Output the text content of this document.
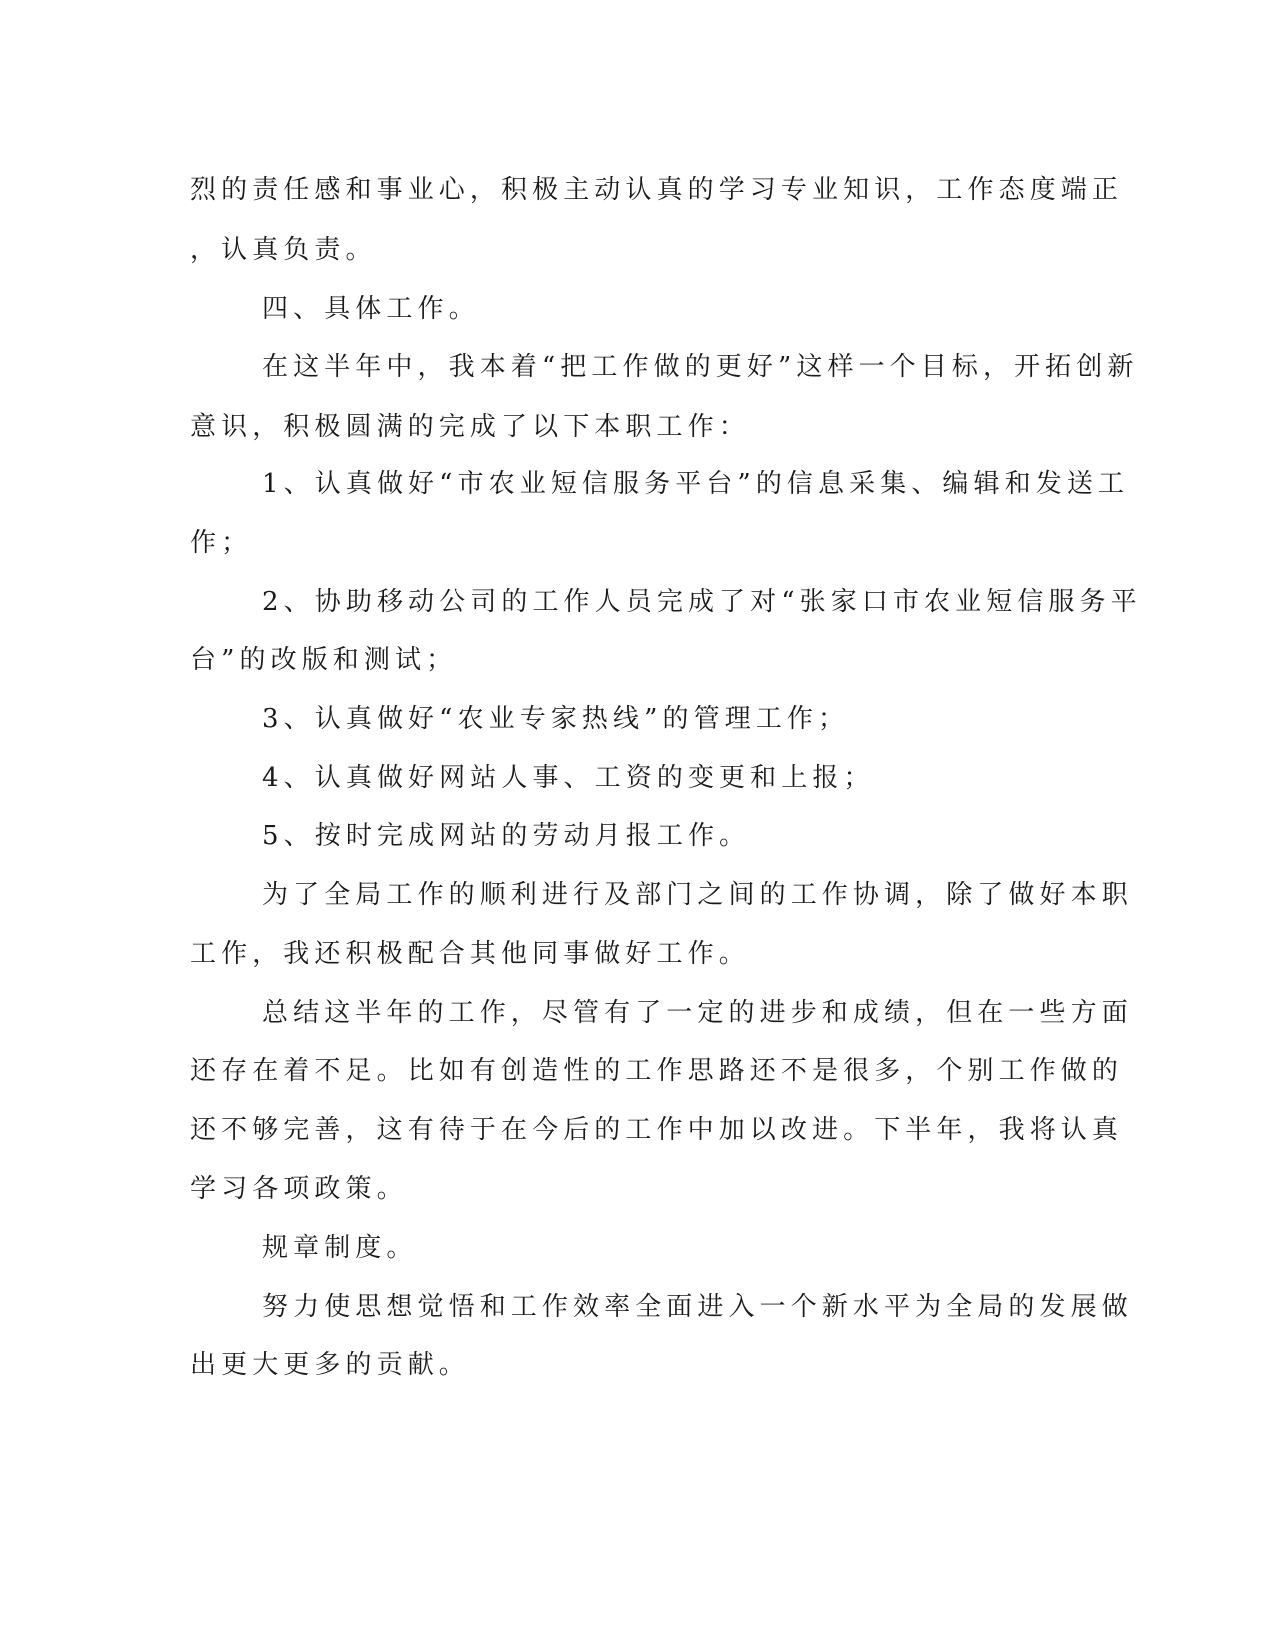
烈的责任感和事业心，积极主动认真的学习专业知识，工作态度端正
，认真负责。
四、具体工作。
在这半年中，我本着“把工作做的更好”这样一个目标，开拓创新
意识，积极圆满的完成了以下本职工作：
1、认真做好“市农业短信服务平台”的信息采集、编辑和发送工
作；
2、协助移动公司的工作人员完成了对“张家口市农业短信服务平
台”的改版和测试；
3、认真做好“农业专家热线”的管理工作；
4、认真做好网站人事、工资的变更和上报；
5、按时完成网站的劳动月报工作。
为了全局工作的顺利进行及部门之间的工作协调，除了做好本职
工作，我还积极配合其他同事做好工作。
总结这半年的工作，尽管有了一定的进步和成绩，但在一些方面
还存在着不足。比如有创造性的工作思路还不是很多，个别工作做的
还不够完善，这有待于在今后的工作中加以改进。下半年，我将认真
学习各项政策。
规章制度。
努力使思想觉悟和工作效率全面进入一个新水平为全局的发展做
出更大更多的贡献。
